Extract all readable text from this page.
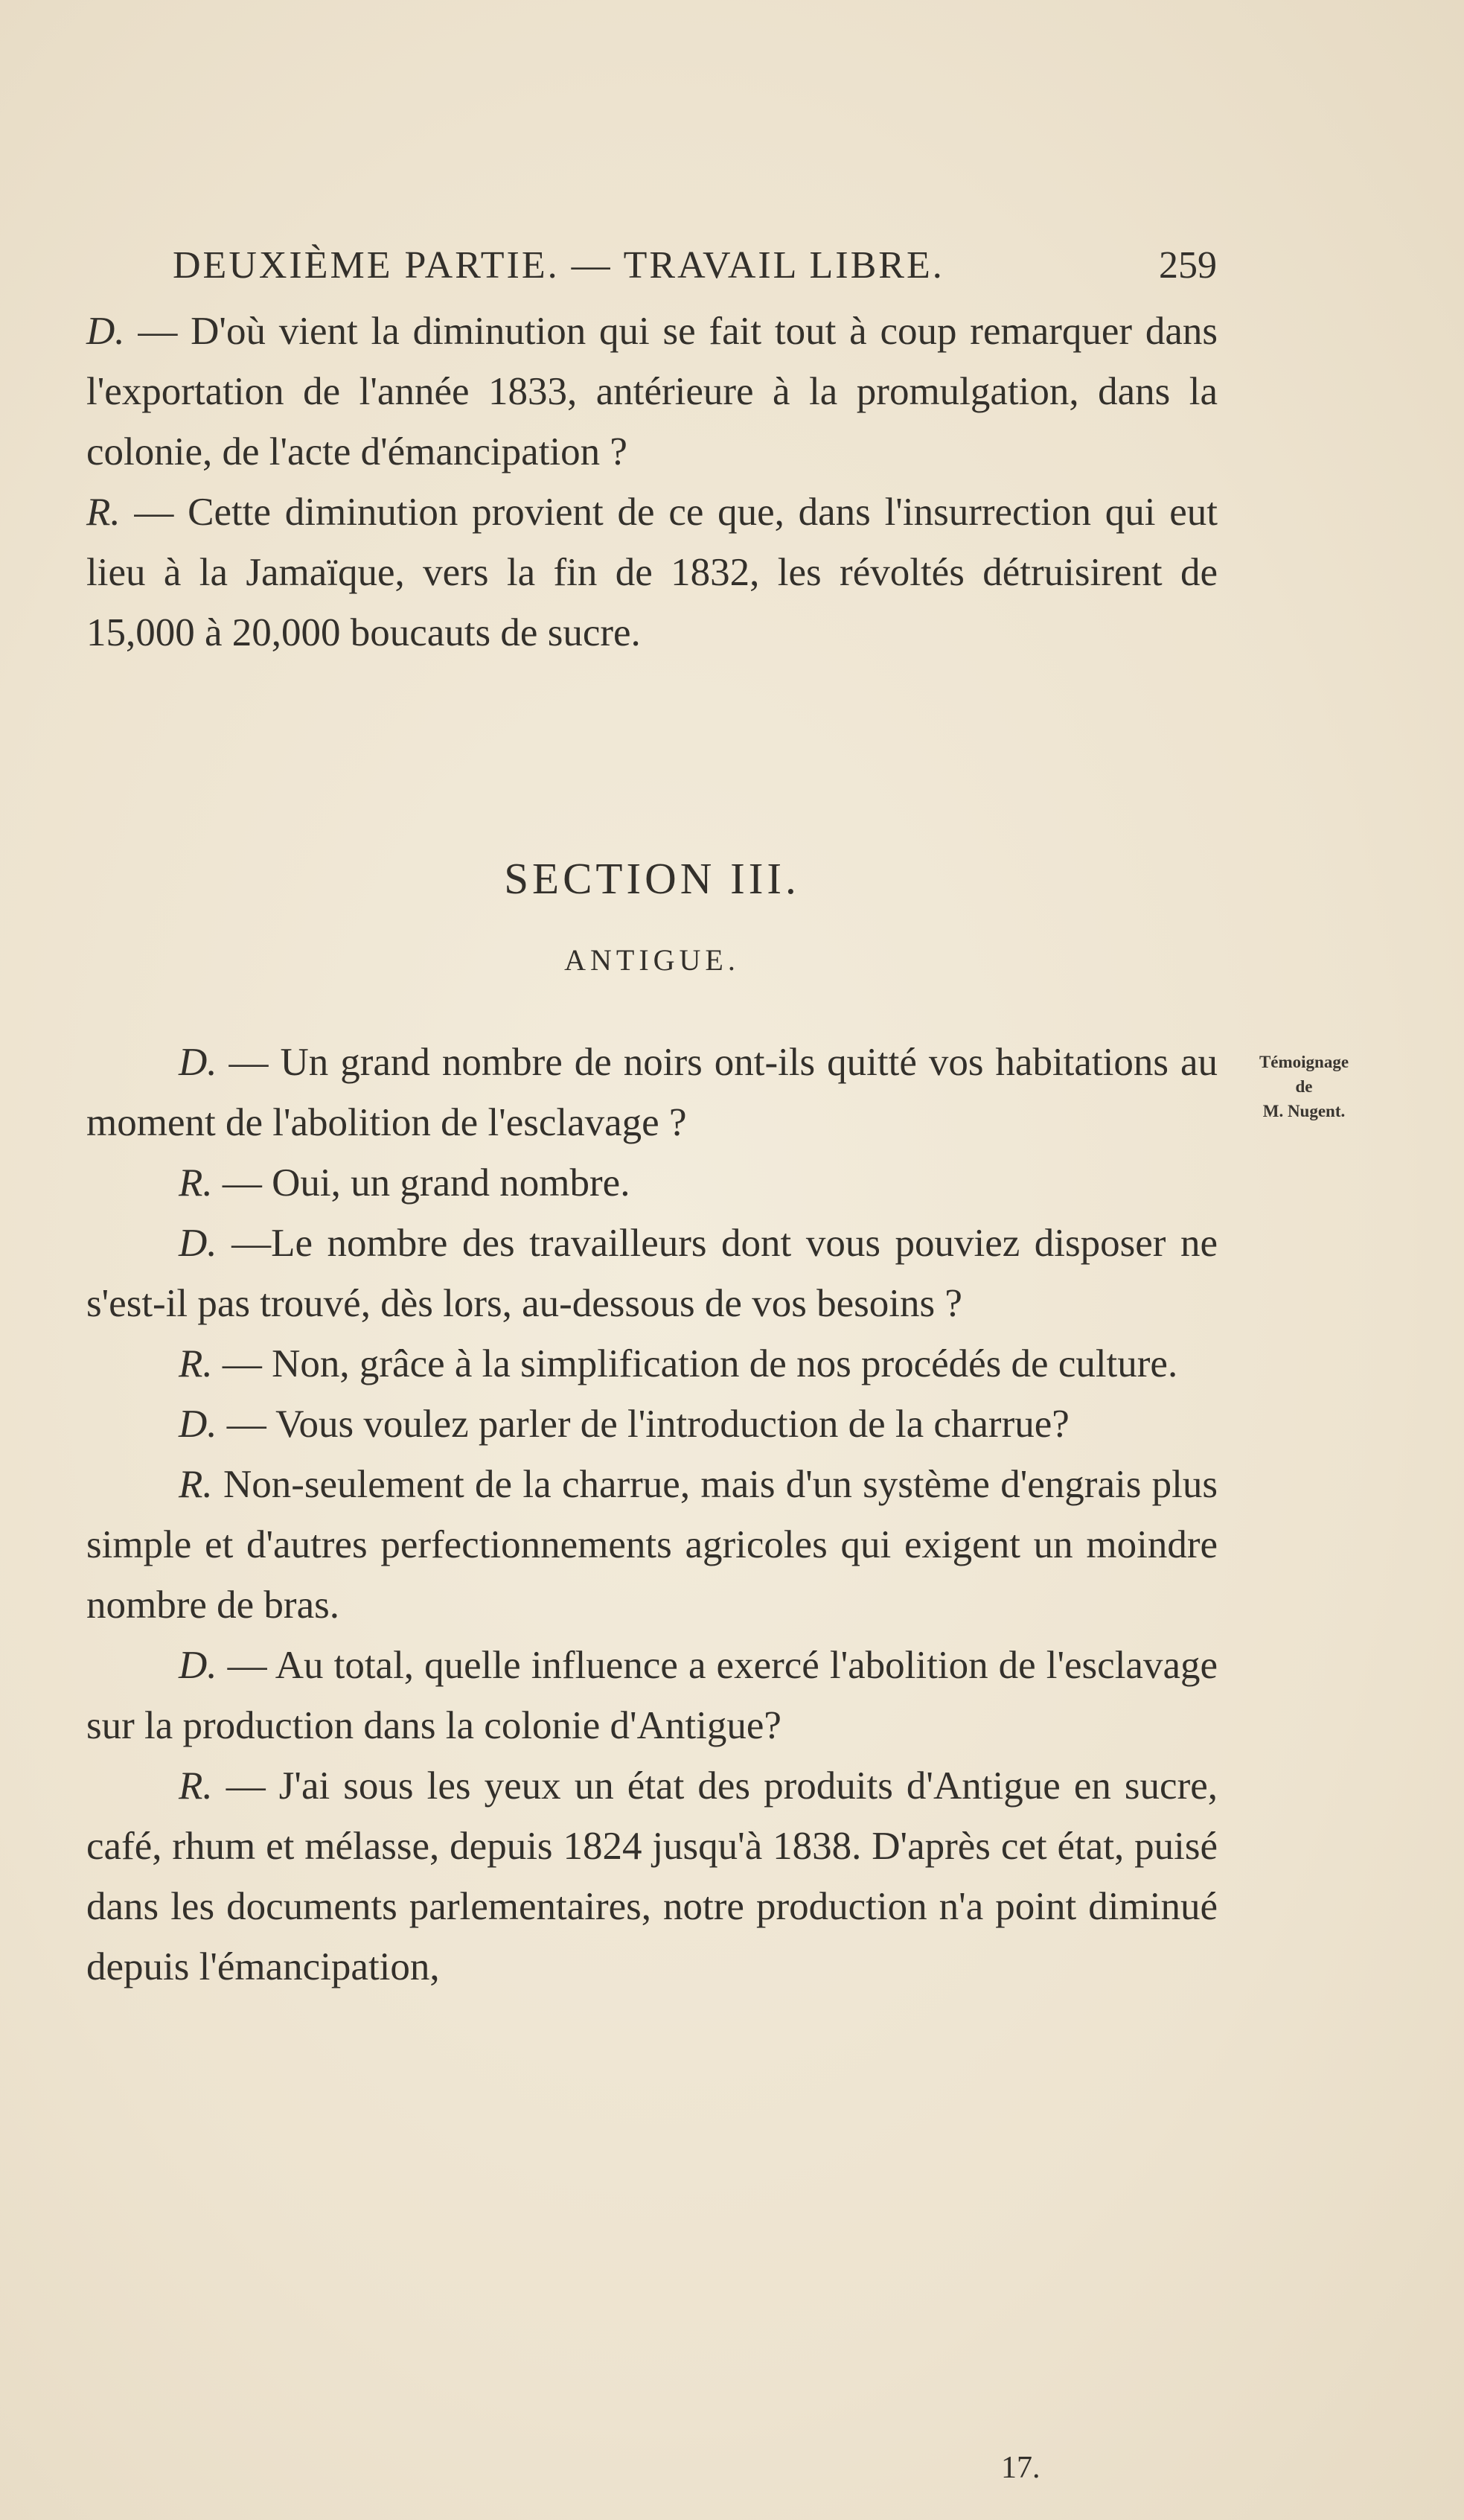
DEUXIÈME PARTIE. — TRAVAIL LIBRE.	259

D. — D'où vient la diminution qui se fait tout à coup remarquer dans l'exportation de l'année 1833, antérieure à la promulgation, dans la colonie, de l'acte d'émancipation ?

R. — Cette diminution provient de ce que, dans l'insurrection qui eut lieu à la Jamaïque, vers la fin de 1832, les révoltés détruisirent de 15,000 à 20,000 boucauts de sucre.

SECTION III.
ANTIGUE.
Témoignage
de
M. Nugent.

D. — Un grand nombre de noirs ont-ils quitté vos habitations au moment de l'abolition de l'esclavage ?

R. — Oui, un grand nombre.

D. —Le nombre des travailleurs dont vous pouviez disposer ne s'est-il pas trouvé, dès lors, au-dessous de vos besoins ?

R. — Non, grâce à la simplification de nos procédés de culture.

D. — Vous voulez parler de l'introduction de la charrue?

R. Non-seulement de la charrue, mais d'un système d'engrais plus simple et d'autres perfectionnements agricoles qui exigent un moindre nombre de bras.

D. — Au total, quelle influence a exercé l'abolition de l'esclavage sur la production dans la colonie d'Antigue?

R. — J'ai sous les yeux un état des produits d'Antigue en sucre, café, rhum et mélasse, depuis 1824 jusqu'à 1838. D'après cet état, puisé dans les documents parlementaires, notre production n'a point diminué depuis l'émancipation,

17.
